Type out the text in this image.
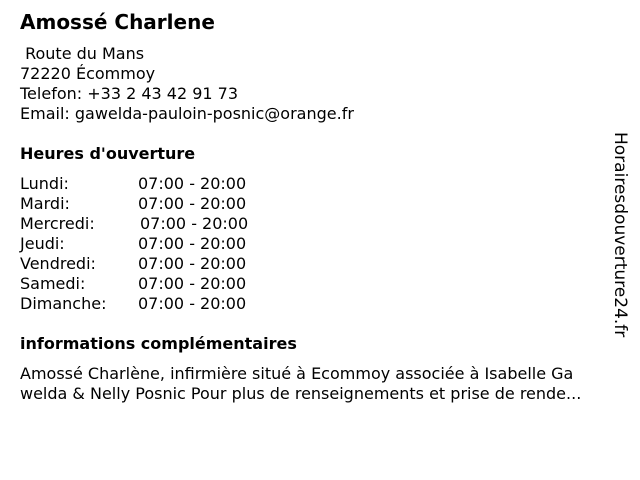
Amossé Charlene
Route du Mans
72220 Écommoy
Telefon: +33 2 43 42 91 73
Email: gawelda-pauloin-posnic@orange.fr
Heures d'ouverture
Lundi:	07:00 - 20:00
Mardi:	07:00 - 20:00
Mercredi:	07:00 - 20:00
Jeudi:	07:00 - 20:00
Vendredi:	07:00 - 20:00
Samedi:	07:00 - 20:00
Dimanche: 07:00 - 20:00
informations complémentaires
Amossé Charlène, infirmière situé à Ecommoy associée à Isabelle Ga
welda & Nelly Posnic Pour plus de renseignements et prise de rende...
Horairesdouverture24.fr
